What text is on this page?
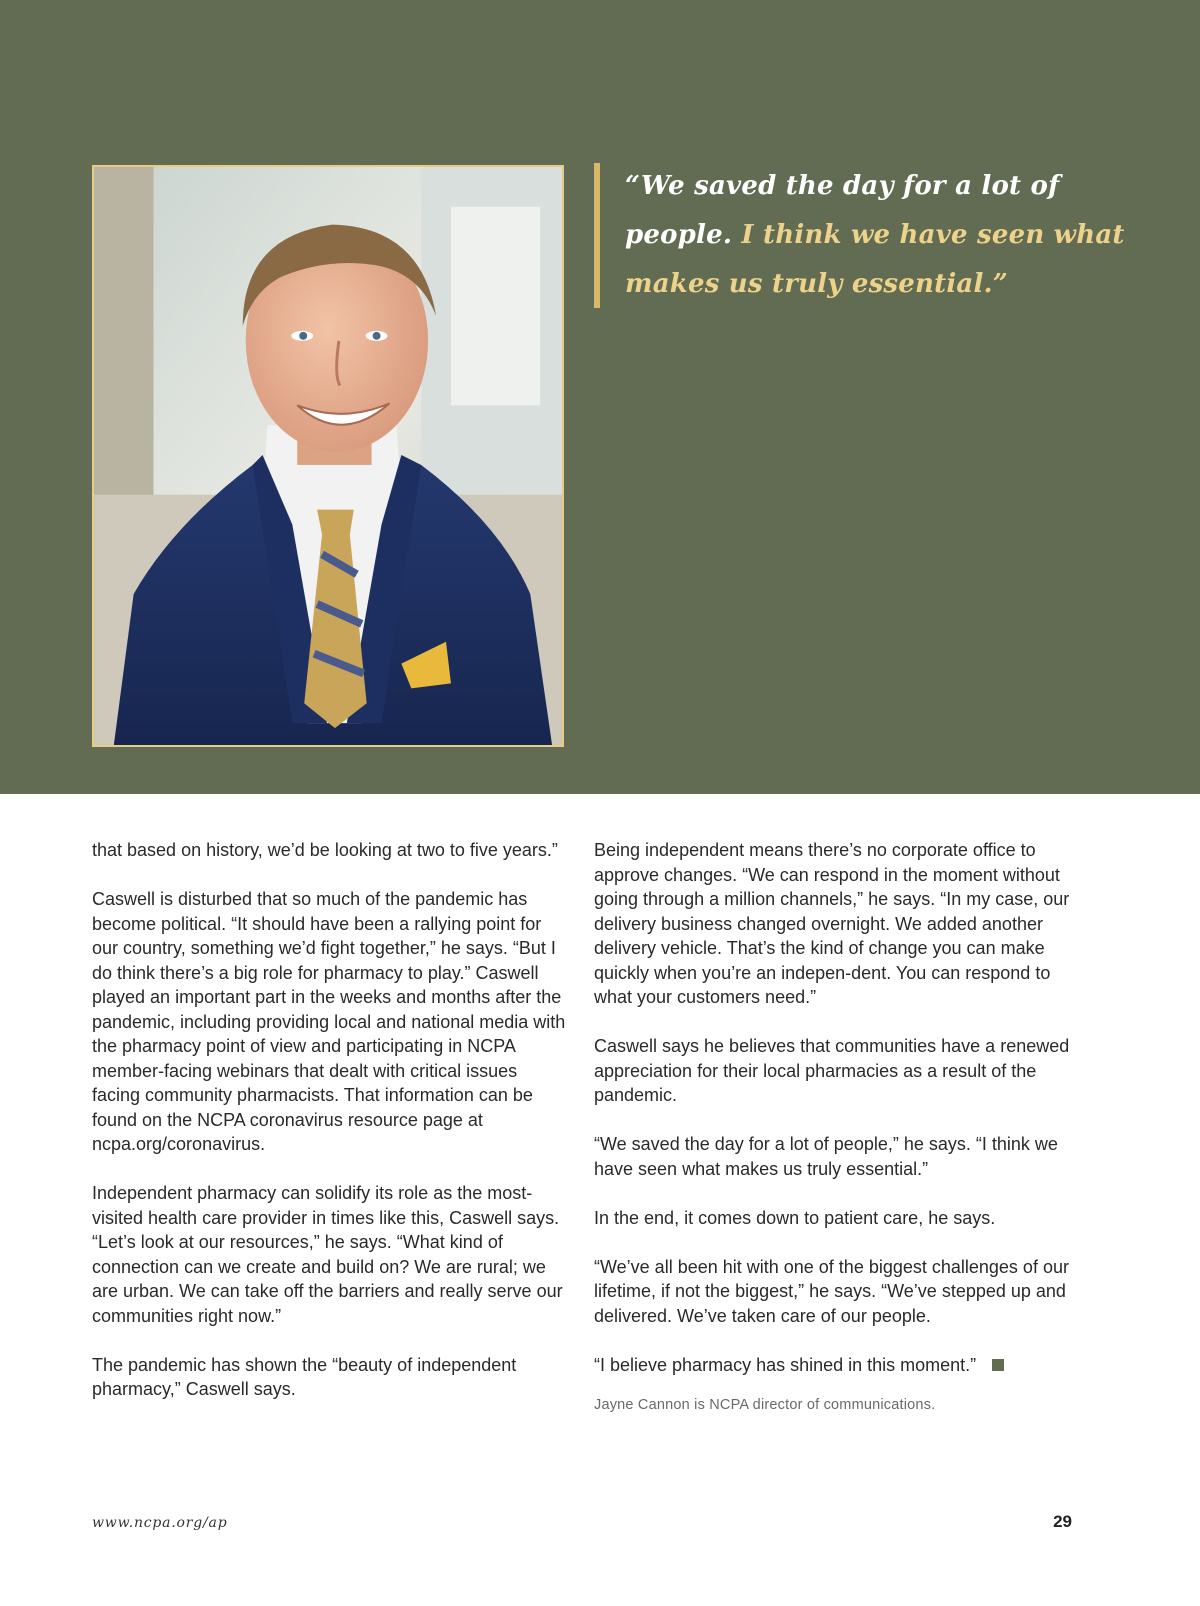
“We saved the day for a lot of people. I think we have seen what makes us truly essential.”

that based on history, we’d be looking at two to five years.”

Caswell is disturbed that so much of the pandemic has become political. “It should have been a rallying point for our country, something we’d fight together,” he says. “But I do think there’s a big role for pharmacy to play.” Caswell played an important part in the weeks and months after the pandemic, including providing local and national media with the pharmacy point of view and participating in NCPA member-facing webinars that dealt with critical issues facing community pharmacists. That information can be found on the NCPA coronavirus resource page at ncpa.org/coronavirus.

Independent pharmacy can solidify its role as the most-visited health care provider in times like this, Caswell says. “Let’s look at our resources,” he says. “What kind of connection can we create and build on? We are rural; we are urban. We can take off the barriers and really serve our communities right now.”

The pandemic has shown the “beauty of independent pharmacy,” Caswell says.

Being independent means there’s no corporate office to approve changes. “We can respond in the moment without going through a million channels,” he says. “In my case, our delivery business changed overnight. We added another delivery vehicle. That’s the kind of change you can make quickly when you’re an indepen-dent. You can respond to what your customers need.”

Caswell says he believes that communities have a renewed appreciation for their local pharmacies as a result of the pandemic.

“We saved the day for a lot of people,” he says. “I think we have seen what makes us truly essential.”

In the end, it comes down to patient care, he says.

“We’ve all been hit with one of the biggest challenges of our lifetime, if not the biggest,” he says. “We’ve stepped up and delivered. We’ve taken care of our people.

“I believe pharmacy has shined in this moment.”

Jayne Cannon is NCPA director of communications.
www.ncpa.org/ap	29
